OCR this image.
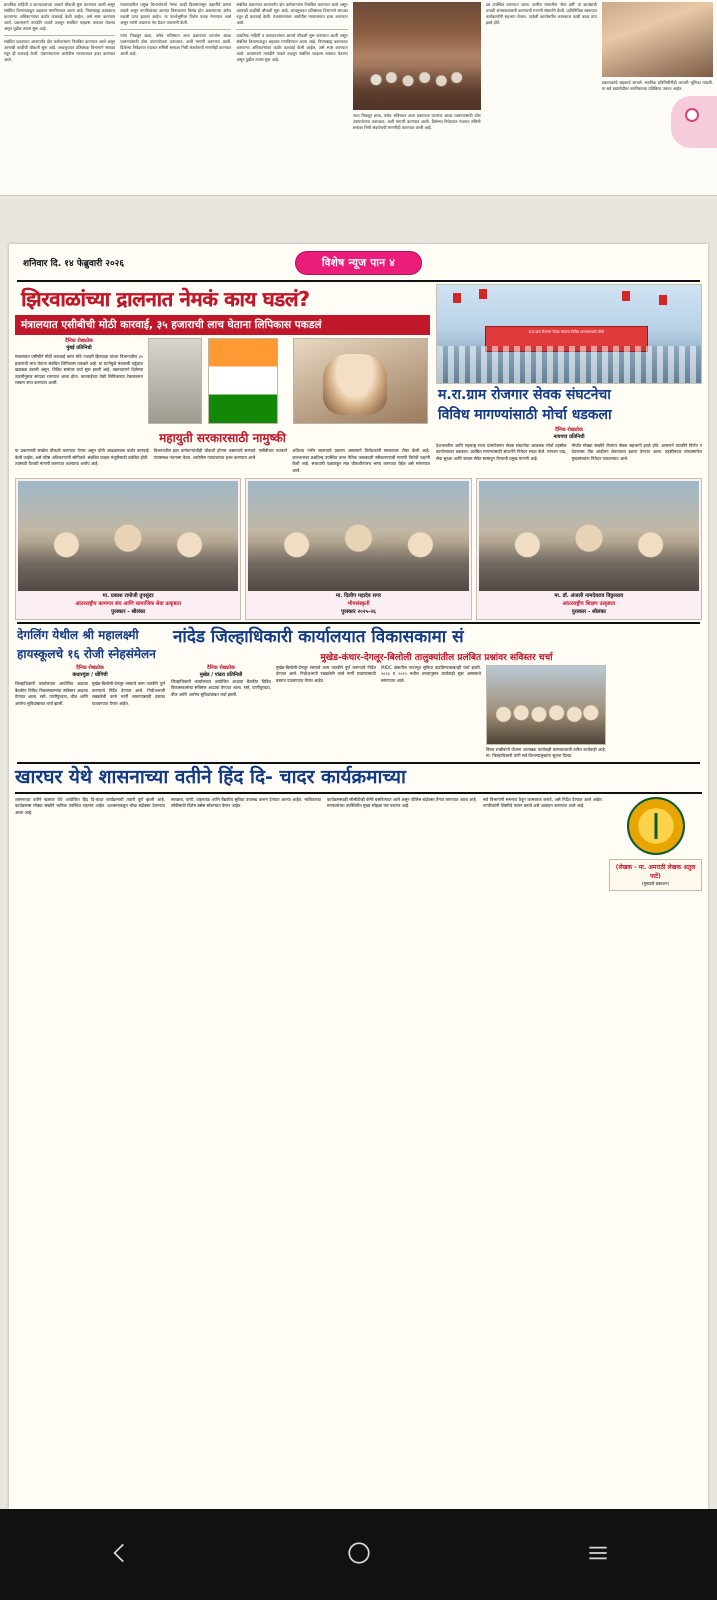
प्राथमिक माहिती व कागदपत्रांच्या आधारे चौकशी सुरू करण्यात आली असून संबंधित विभागाकडून अहवाल मागविण्यात आला आहे. नियमबाह्य कामकाज करणाऱ्या अधिकाऱ्यांवर कठोर कारवाई केली जाईल, असे स्पष्ट करण्यात आले. प्रशासनाने तातडीने पावले उचलून संबंधित फाइल्स ताब्यात घेतल्या असून पुढील तपास सुरू आहे.
संबंधित प्रकरणात आतापर्यंत दोन कर्मचाऱ्यांना निलंबित करण्यात आले असून आणखी काहींची चौकशी सुरू आहे. लाचलुचपत प्रतिबंधक विभागाने सापळा रचून ही कारवाई केली. पंचनाम्यानंतर आरोपीस न्यायालयात हजर करण्यात आले.
मंत्रालयातील प्रमुख विभागांमध्ये गेल्या काही दिवसांपासून तक्रारींचे प्रमाण वाढले असून नागरिकांच्या कामात विनाकारण विलंब होत असल्याच्या अनेक तक्रारी प्राप्त झाल्या आहेत. या पार्श्वभूमीवर विशेष पथक नेमण्यात आले असून त्यांनी अचानक भेट देऊन तपासणी केली.
न्याय मिळवून द्यावा, तसेच भविष्यात अशा प्रकारच्या घटनांना आळा घालण्यासाठी ठोस उपाययोजना कराव्यात, अशी मागणी करण्यात आली. दिलेल्या निवेदनात पंचायत समिती स्तरावर निधी संवर्धनाची मागणीही करण्यात आली आहे.
संबंधित प्रकरणात आतापर्यंत दोन कर्मचाऱ्यांना निलंबित करण्यात आले असून आणखी काहींची चौकशी सुरू आहे. लाचलुचपत प्रतिबंधक विभागाने सापळा रचून ही कारवाई केली. पंचनाम्यानंतर आरोपीस न्यायालयात हजर करण्यात आले.
प्राथमिक माहिती व कागदपत्रांच्या आधारे चौकशी सुरू करण्यात आली असून संबंधित विभागाकडून अहवाल मागविण्यात आला आहे. नियमबाह्य कामकाज करणाऱ्या अधिकाऱ्यांवर कठोर कारवाई केली जाईल, असे स्पष्ट करण्यात आले. प्रशासनाने तातडीने पावले उचलून संबंधित फाइल्स ताब्यात घेतल्या असून पुढील तपास सुरू आहे.
न्याय मिळवून द्यावा, तसेच भविष्यात अशा प्रकारच्या घटनांना आळा घालण्यासाठी ठोस उपाययोजना कराव्यात, अशी मागणी करण्यात आली. दिलेल्या निवेदनात पंचायत समिती स्तरावर निधी संवर्धनाची मागणीही करण्यात आली आहे.
प्रब उपस्थित करण्यात आला. ग्रामीण भागातील 'सेवा हमी' या कायद्याची प्रभावी अंमलबजावणी करण्याची मागणी संघटनेने केली. प्रातिनिधिक स्वरूपात कार्यकर्त्यांनी सहभाग घेतला. यावेळी कार्यालयीन कामकाज काही काळ ठप्प झाले होते.
प्रकाशकांचे सहकार्य लाभले. स्थानिक प्रतिनिधींनीही आपली भूमिका मांडली. या सर्व घडामोडींवर नागरिकांच्या प्रतिक्रिया उमटत आहेत.
शनिवार दि. १४ फेब्रुवारी २०२६	विशेष न्यूज पान ४
झिरवाळांच्या द्रालनात नेमकं काय घडलं?
मंत्रालयात एसीबीची मोठी कारवाई, ३५ हजाराची लाच घेताना लिपिकास पकडलं
दैनिक रोखठोक
मुंबई प्रतिनिधी
मंत्रालयात एसीबीने मोठी कारवाई करत मोठे नाट्यरी झिरवाळ यांच्या विभागातील ३५ हजारांची लाच घेताना संबंधित लिपिकास पकडले आहे. या घटनेमुळे मंत्रालयी वर्तुळात खळबळ उडाली असून, विविध स्तरांवर चर्चा सुरू झाली आहे. तक्रारदाराने दिलेल्या तक्रारीनुसार सापळा रचण्यात आला होता. कारवाईच्या वेळी लिपिकाच्या टेबलावरून रक्कम जप्त करण्यात आली.
महायुती सरकारसाठी नामुष्की
या प्रकरणाची सखोल चौकशी करण्यात येणार असून दोषी आढळल्यास कठोर कारवाई केली जाईल, असे वरिष्ठ अधिकाऱ्यांनी सांगितले. संबंधित फाइल मंजुरीसाठी प्रलंबित होती. त्यासाठी पैशांची मागणी करण्यात आल्याचा आरोप आहे.
विभागातील इतर कर्मचाऱ्यांचीही चौकशी होणार असल्याचे समजते. एसीबीच्या पथकाने पंचासमक्ष पंचनामा केला. आरोपीस न्यायालयात हजर करण्यात आले.
अतिशय गंभीर स्वरूपाचे प्रकरण असल्याने विरोधकांनी सरकारवर टीका केली आहे. कारभारावर प्रश्नचिन्ह उपस्थित करत नैतिक जबाबदारी स्वीकारण्याची मागणी विरोधी पक्षांनी केली आहे. सत्ताधारी पक्षाकडून मात्र चौकशीनंतरच भाष्य करण्यात येईल असे सांगण्यात आले.
म.रा.ग्राम रोजगार सेवक संघटना विविध मागण्यांसाठी मोर्चा
म.रा.ग्राम रोजगार सेवक संघटनेचा
विविध मागण्यांसाठी मोर्चा धडकला
दैनिक रोखठोक
नायगाव प्रतिनिधी
देशभरातील आणि महाराष्ट्र राज्य ग्रामरोजगार सेवक संघटनेचा आक्रमक मोर्चा तहसील कार्यालयावर धडकला. प्रलंबित मागण्यांसाठी संघटनेने निवेदन सादर केले. मानधन वाढ, सेवा सुरक्षा आणि कायम सेवेत सामावून घेण्याची प्रमुख मागणी आहे.
मोर्चात मोठ्या संख्येने रोजगार सेवक सहभागी झाले होते. शासनाने तातडीने निर्णय न घेतल्यास तीव्र आंदोलन छेडण्याचा इशारा देण्यात आला. तहसीलदार यांच्यामार्फत मुख्यमंत्र्यांना निवेदन पाठवण्यात आले.
मा. प्रकाश रामोजी तुपसुंदर
आंतरराष्ट्रीय कामगार संघ आणि सामाजिक सेवा उत्कृष्टता
पुरस्कार - श्रीलंका
मा. दिलीप महादेव सगर
भीमसंस्कृती
पुरस्कार २०२५-२६
मा. डॉ. अंजली नामदेवराव विठ्ठलराव
आंतरराष्ट्रीय शिक्षण उत्कृष्टता
पुरस्कार - श्रीलंका
देगलिंग येथील श्री महालक्ष्मी
हायस्कूलचे १६ रोजी स्नेहसंमेलन
दैनिक रोखठोक
कंधारगुंडा / धोंगिची
जिल्हाधिकारी कार्यालयात आयोजित आढावा बैठकीत विविध विकासकामांचा सविस्तर आढावा घेण्यात आला. रस्ते, पाणीपुरवठा, वीज आणि आरोग्य सुविधांबाबत चर्चा झाली.
मुखेड-बिलोली-देगलूर रस्त्याचे काम तातडीने पूर्ण करण्याचे निर्देश देण्यात आले. निधीअभावी रखडलेली कामे मार्गी लावण्यासाठी प्रस्ताव पाठवण्यात येणार आहेत.
नांदेड जिल्हाधिकारी कार्यालयात विकासकामा सं
मुखेड-कंधार-देगलूर-बिलोली तालुक्यांतील प्रलंबित प्रश्नांवर सविस्तर चर्चा
दैनिक रोखठोक
मुखेड / पांढरा प्रतिनिधी
जिल्हाधिकारी कार्यालयात आयोजित आढावा बैठकीत विविध विकासकामांचा सविस्तर आढावा घेण्यात आला. रस्ते, पाणीपुरवठा, वीज आणि आरोग्य सुविधांबाबत चर्चा झाली.
मुखेड-बिलोली-देगलूर रस्त्याचे काम तातडीने पूर्ण करण्याचे निर्देश देण्यात आले. निधीअभावी रखडलेली कामे मार्गी लावण्यासाठी प्रस्ताव पाठवण्यात येणार आहेत.
MIDC क्षेत्रातील पायाभूत सुविधा वाढविण्याबाबतही चर्चा झाली. २०२३ व २०२५ मधील ठरावानुसार कार्यवाही सुरू असल्याचे सांगण्यात आले.
विषय राखीवांनी योजना आराखडा कार्यवाही कामकाजाची त्वरित कार्यवाही आहे. मा. जिल्हाधिकारी यांनी सर्व विभागप्रमुखांना सूचना दिल्या.
खारघर येथे शासनाच्या वतीने हिंद दि- चादर कार्यक्रमाच्या
शासनाच्या वतीने खारघर येथे आयोजित हिंद दि-चादर कार्यक्रमाची तयारी पूर्ण झाली आहे. कार्यक्रमास मोठ्या संख्येने भाविक उपस्थित राहणार आहेत. प्रशासनाकडून चोख बंदोबस्त ठेवण्यात आला आहे.
स्वच्छता, पाणी, वाहनतळ आणि वैद्यकीय सुविधा उपलब्ध करून देण्यात आल्या आहेत. भाविकांच्या सोयीसाठी विशेष बसेस सोडण्यात येणार आहेत.
कार्यक्रमस्थळी सीसीटीव्ही कॅमेरे बसविण्यात आले असून पोलिस बंदोबस्त तैनात करण्यात आला आहे. मान्यवरांच्या उपस्थितीत मुख्य सोहळा पार पडणार आहे.
सर्व विभागांनी समन्वय ठेवून कामकाज करावे, असे निर्देश देण्यात आले आहेत. नागरिकांनी शिस्तीचे पालन करावे असे आवाहन करण्यात आले आहे.
(लेखक - मा. अमराठी लेखक अतुल पार्टे)
(मुख्यत्वे प्रकाशन)
